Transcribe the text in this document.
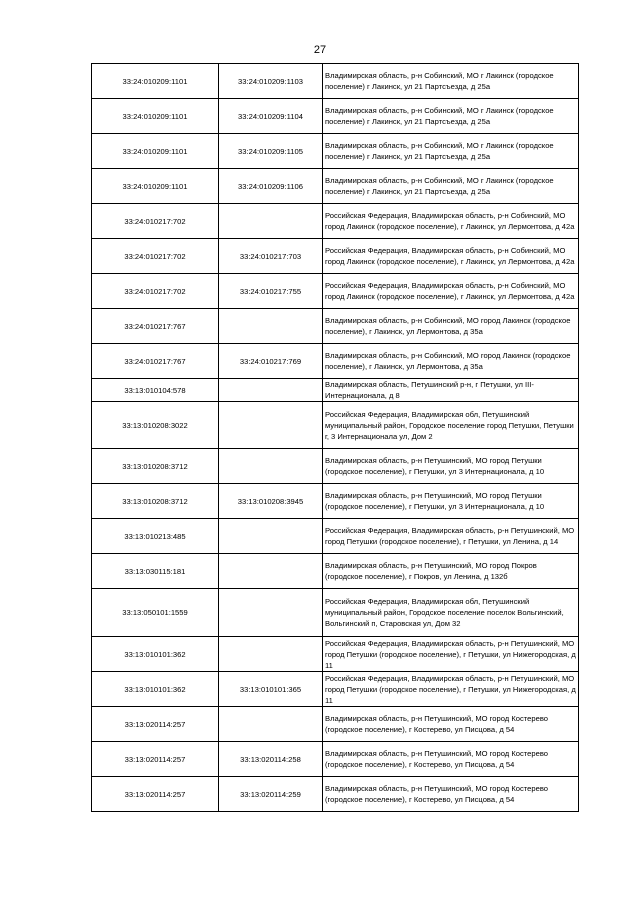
27
33:24:010209:1101	33:24:010209:1103	Владимирская область, р-н Собинский, МО г Лакинск (городское поселение) г Лакинск, ул 21 Партсъезда, д 25а
33:24:010209:1101	33:24:010209:1104	Владимирская область, р-н Собинский, МО г Лакинск (городское поселение) г Лакинск, ул 21 Партсъезда, д 25а
33:24:010209:1101	33:24:010209:1105	Владимирская область, р-н Собинский, МО г Лакинск (городское поселение) г Лакинск, ул 21 Партсъезда, д 25а
33:24:010209:1101	33:24:010209:1106	Владимирская область, р-н Собинский, МО г Лакинск (городское поселение) г Лакинск, ул 21 Партсъезда, д 25а
33:24:010217:702		Российская Федерация, Владимирская область, р-н Собинский, МО город Лакинск (городское поселение), г Лакинск, ул Лермонтова, д 42а
33:24:010217:702	33:24:010217:703	Российская Федерация, Владимирская область, р-н Собинский, МО город Лакинск (городское поселение), г Лакинск, ул Лермонтова, д 42а
33:24:010217:702	33:24:010217:755	Российская Федерация, Владимирская область, р-н Собинский, МО город Лакинск (городское поселение), г Лакинск, ул Лермонтова, д 42а
33:24:010217:767		Владимирская область, р-н Собинский, МО город Лакинск (городское поселение), г Лакинск, ул Лермонтова, д 35а
33:24:010217:767	33:24:010217:769	Владимирская область, р-н Собинский, МО город Лакинск (городское поселение), г Лакинск, ул Лермонтова, д 35а
33:13:010104:578		Владимирская область, Петушинский р-н, г Петушки, ул III-Интернационала, д 8
33:13:010208:3022		Российская Федерация, Владимирская обл, Петушинский муниципальный район, Городское поселение город Петушки, Петушки г, 3 Интернационала ул, Дом 2
33:13:010208:3712		Владимирская область, р-н Петушинский, МО город Петушки (городское поселение), г Петушки, ул 3 Интернационала, д 10
33:13:010208:3712	33:13:010208:3945	Владимирская область, р-н Петушинский, МО город Петушки (городское поселение), г Петушки, ул 3 Интернационала, д 10
33:13:010213:485		Российская Федерация, Владимирская область, р-н Петушинский, МО город Петушки (городское поселение), г Петушки, ул Ленина, д 14
33:13:030115:181		Владимирская область, р-н Петушинский, МО город Покров (городское поселение), г Покров, ул Ленина, д 132б
33:13:050101:1559		Российская Федерация, Владимирская обл, Петушинский муниципальный район, Городское поселение поселок Вольгинский, Вольгинский п, Старовская ул, Дом 32
33:13:010101:362		Российская Федерация, Владимирская область, р-н Петушинский, МО город Петушки (городское поселение), г Петушки, ул Нижегородская, д 11
33:13:010101:362	33:13:010101:365	Российская Федерация, Владимирская область, р-н Петушинский, МО город Петушки (городское поселение), г Петушки, ул Нижегородская, д 11
33:13:020114:257		Владимирская область, р-н Петушинский, МО город Костерево (городское поселение), г Костерево, ул Писцова, д 54
33:13:020114:257	33:13:020114:258	Владимирская область, р-н Петушинский, МО город Костерево (городское поселение), г Костерево, ул Писцова, д 54
33:13:020114:257	33:13:020114:259	Владимирская область, р-н Петушинский, МО город Костерево (городское поселение), г Костерево, ул Писцова, д 54
